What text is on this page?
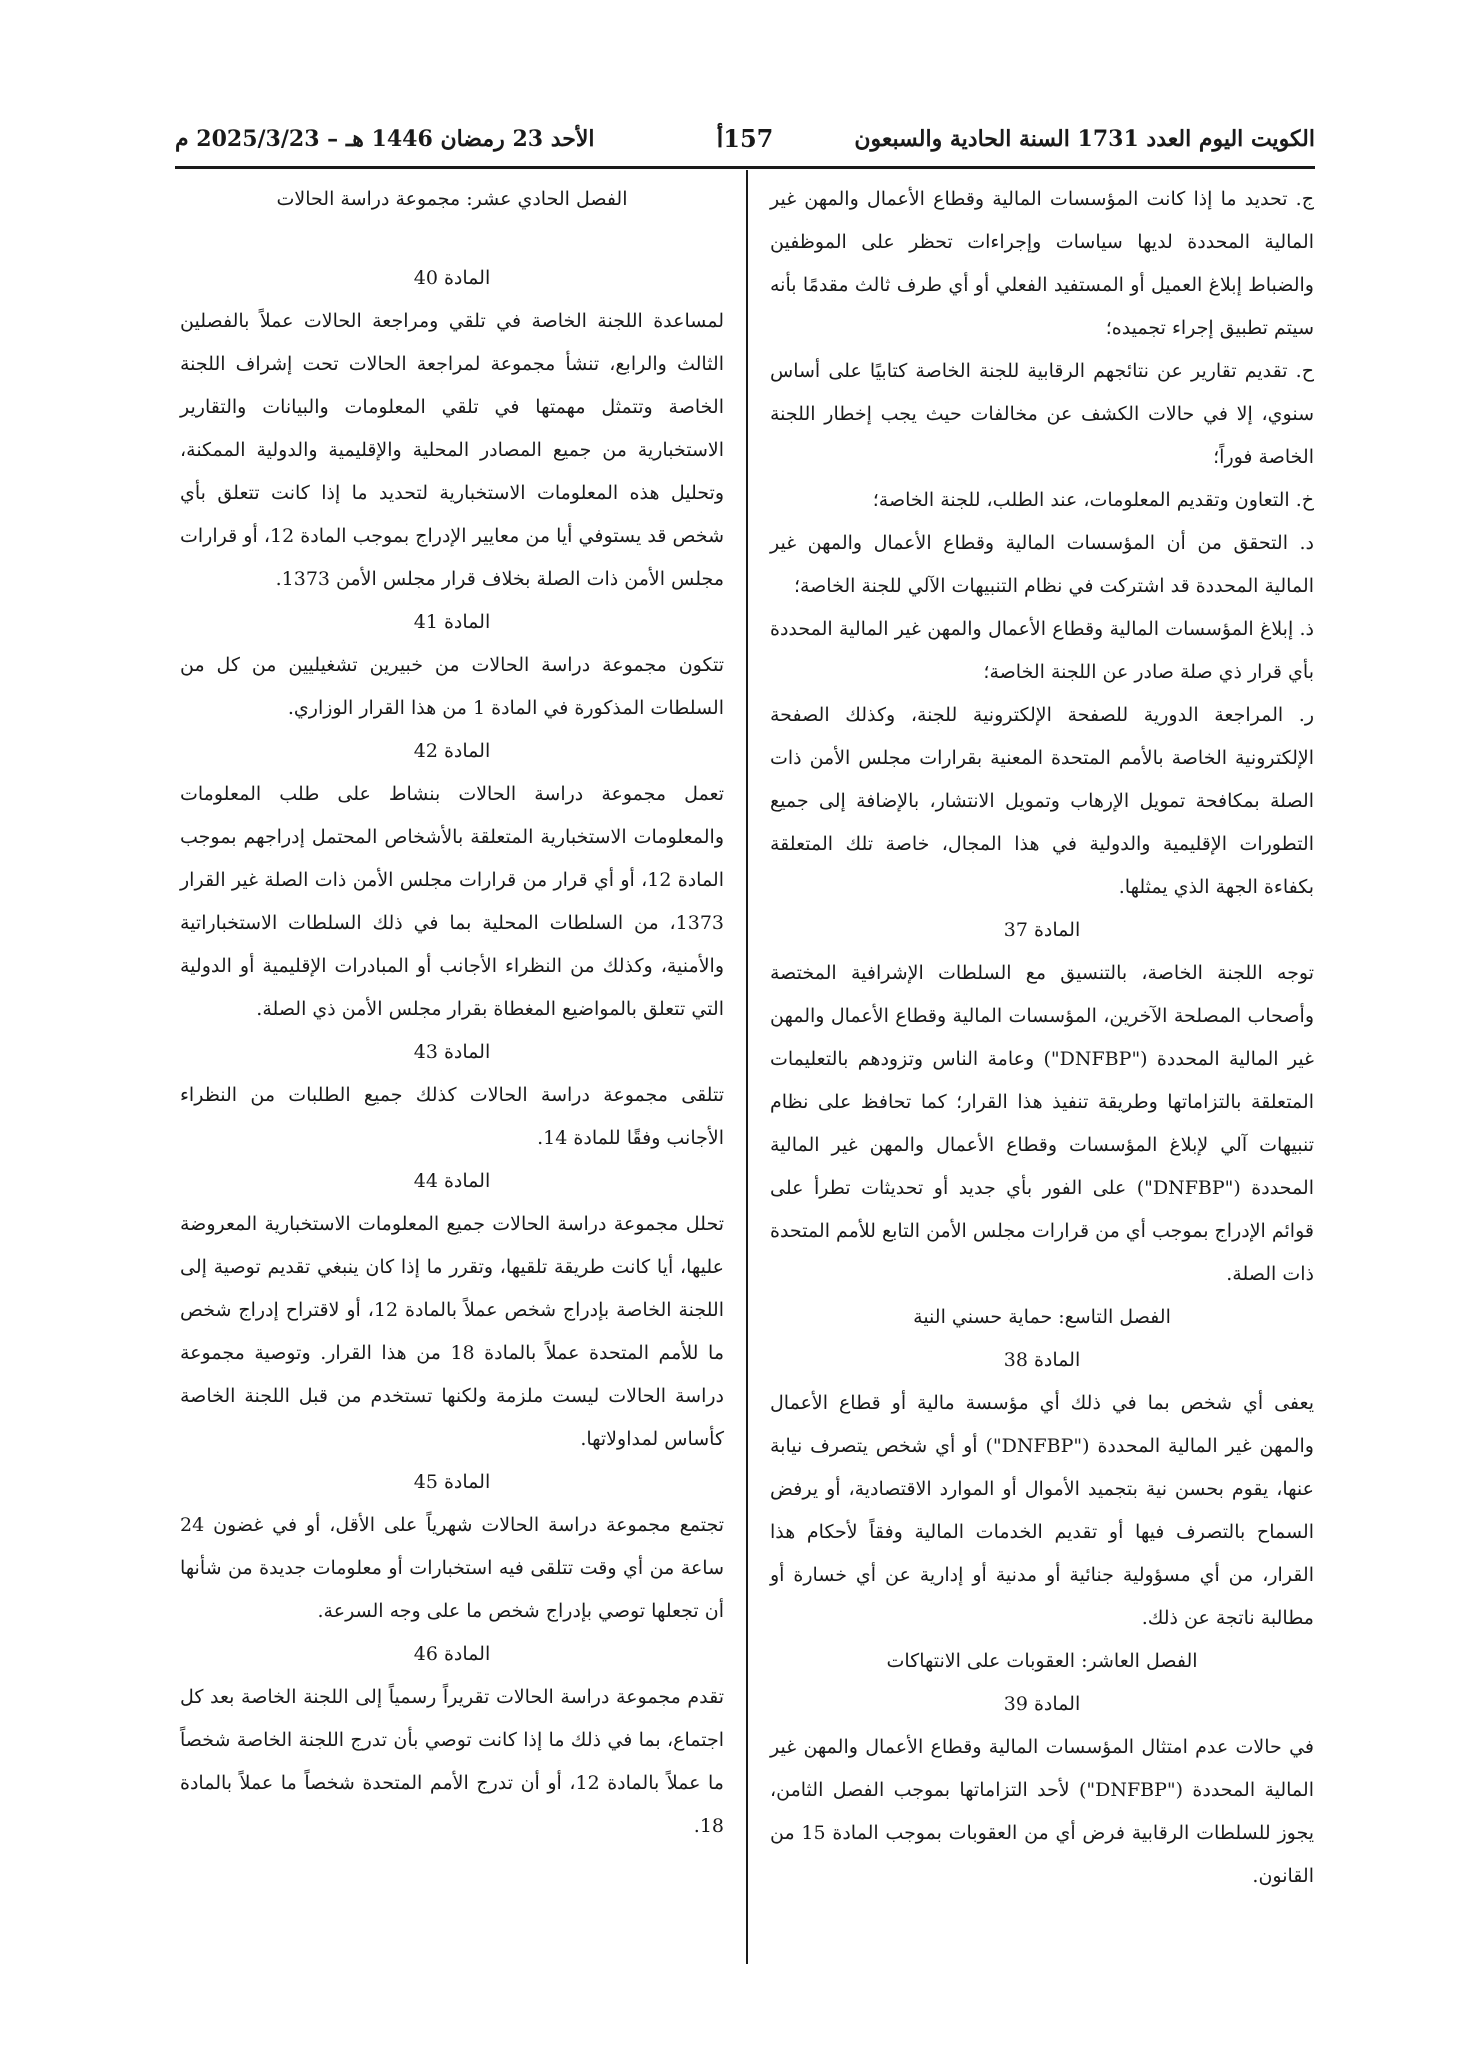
الكويت اليوم العدد 1731 السنة الحادية والسبعون
157أ
الأحد 23 رمضان 1446 هـ – 2025/3/23 م

ج. تحديد ما إذا كانت المؤسسات المالية وقطاع الأعمال والمهن غير المالية المحددة لديها سياسات وإجراءات تحظر على الموظفين والضباط إبلاغ العميل أو المستفيد الفعلي أو أي طرف ثالث مقدمًا بأنه سيتم تطبيق إجراء تجميده؛

ح. تقديم تقارير عن نتائجهم الرقابية للجنة الخاصة كتابيًا على أساس سنوي، إلا في حالات الكشف عن مخالفات حيث يجب إخطار اللجنة الخاصة فوراً؛

خ. التعاون وتقديم المعلومات، عند الطلب، للجنة الخاصة؛

د. التحقق من أن المؤسسات المالية وقطاع الأعمال والمهن غير المالية المحددة قد اشتركت في نظام التنبيهات الآلي للجنة الخاصة؛

ذ. إبلاغ المؤسسات المالية وقطاع الأعمال والمهن غير المالية المحددة بأي قرار ذي صلة صادر عن اللجنة الخاصة؛

ر. المراجعة الدورية للصفحة الإلكترونية للجنة، وكذلك الصفحة الإلكترونية الخاصة بالأمم المتحدة المعنية بقرارات مجلس الأمن ذات الصلة بمكافحة تمويل الإرهاب وتمويل الانتشار، بالإضافة إلى جميع التطورات الإقليمية والدولية في هذا المجال، خاصة تلك المتعلقة بكفاءة الجهة الذي يمثلها.

المادة 37

توجه اللجنة الخاصة، بالتنسيق مع السلطات الإشرافية المختصة وأصحاب المصلحة الآخرين، المؤسسات المالية وقطاع الأعمال والمهن غير المالية المحددة ("DNFBP") وعامة الناس وتزودهم بالتعليمات المتعلقة بالتزاماتها وطريقة تنفيذ هذا القرار؛ كما تحافظ على نظام تنبيهات آلي لإبلاغ المؤسسات وقطاع الأعمال والمهن غير المالية المحددة ("DNFBP") على الفور بأي جديد أو تحديثات تطرأ على قوائم الإدراج بموجب أي من قرارات مجلس الأمن التابع للأمم المتحدة ذات الصلة.

الفصل التاسع: حماية حسني النية

المادة 38

يعفى أي شخص بما في ذلك أي مؤسسة مالية أو قطاع الأعمال والمهن غير المالية المحددة ("DNFBP") أو أي شخص يتصرف نيابة عنها، يقوم بحسن نية بتجميد الأموال أو الموارد الاقتصادية، أو يرفض السماح بالتصرف فيها أو تقديم الخدمات المالية وفقاً لأحكام هذا القرار، من أي مسؤولية جنائية أو مدنية أو إدارية عن أي خسارة أو مطالبة ناتجة عن ذلك.

الفصل العاشر: العقوبات على الانتهاكات

المادة 39

في حالات عدم امتثال المؤسسات المالية وقطاع الأعمال والمهن غير المالية المحددة ("DNFBP") لأحد التزاماتها بموجب الفصل الثامن، يجوز للسلطات الرقابية فرض أي من العقوبات بموجب المادة 15 من القانون.

الفصل الحادي عشر: مجموعة دراسة الحالات

المادة 40

لمساعدة اللجنة الخاصة في تلقي ومراجعة الحالات عملاً بالفصلين الثالث والرابع، تنشأ مجموعة لمراجعة الحالات تحت إشراف اللجنة الخاصة وتتمثل مهمتها في تلقي المعلومات والبيانات والتقارير الاستخبارية من جميع المصادر المحلية والإقليمية والدولية الممكنة، وتحليل هذه المعلومات الاستخبارية لتحديد ما إذا كانت تتعلق بأي شخص قد يستوفي أيا من معايير الإدراج بموجب المادة 12، أو قرارات مجلس الأمن ذات الصلة بخلاف قرار مجلس الأمن 1373.

المادة 41

تتكون مجموعة دراسة الحالات من خبيرين تشغيليين من كل من السلطات المذكورة في المادة 1 من هذا القرار الوزاري.

المادة 42

تعمل مجموعة دراسة الحالات بنشاط على طلب المعلومات والمعلومات الاستخبارية المتعلقة بالأشخاص المحتمل إدراجهم بموجب المادة 12، أو أي قرار من قرارات مجلس الأمن ذات الصلة غير القرار 1373، من السلطات المحلية بما في ذلك السلطات الاستخباراتية والأمنية، وكذلك من النظراء الأجانب أو المبادرات الإقليمية أو الدولية التي تتعلق بالمواضيع المغطاة بقرار مجلس الأمن ذي الصلة.

المادة 43

تتلقى مجموعة دراسة الحالات كذلك جميع الطلبات من النظراء الأجانب وفقًا للمادة 14.

المادة 44

تحلل مجموعة دراسة الحالات جميع المعلومات الاستخبارية المعروضة عليها، أيا كانت طريقة تلقيها، وتقرر ما إذا كان ينبغي تقديم توصية إلى اللجنة الخاصة بإدراج شخص عملاً بالمادة 12، أو لاقتراح إدراج شخص ما للأمم المتحدة عملاً بالمادة 18 من هذا القرار. وتوصية مجموعة دراسة الحالات ليست ملزمة ولكنها تستخدم من قبل اللجنة الخاصة كأساس لمداولاتها.

المادة 45

تجتمع مجموعة دراسة الحالات شهرياً على الأقل، أو في غضون 24 ساعة من أي وقت تتلقى فيه استخبارات أو معلومات جديدة من شأنها أن تجعلها توصي بإدراج شخص ما على وجه السرعة.

المادة 46

تقدم مجموعة دراسة الحالات تقريراً رسمياً إلى اللجنة الخاصة بعد كل اجتماع، بما في ذلك ما إذا كانت توصي بأن تدرج اللجنة الخاصة شخصاً ما عملاً بالمادة 12، أو أن تدرج الأمم المتحدة شخصاً ما عملاً بالمادة 18.
